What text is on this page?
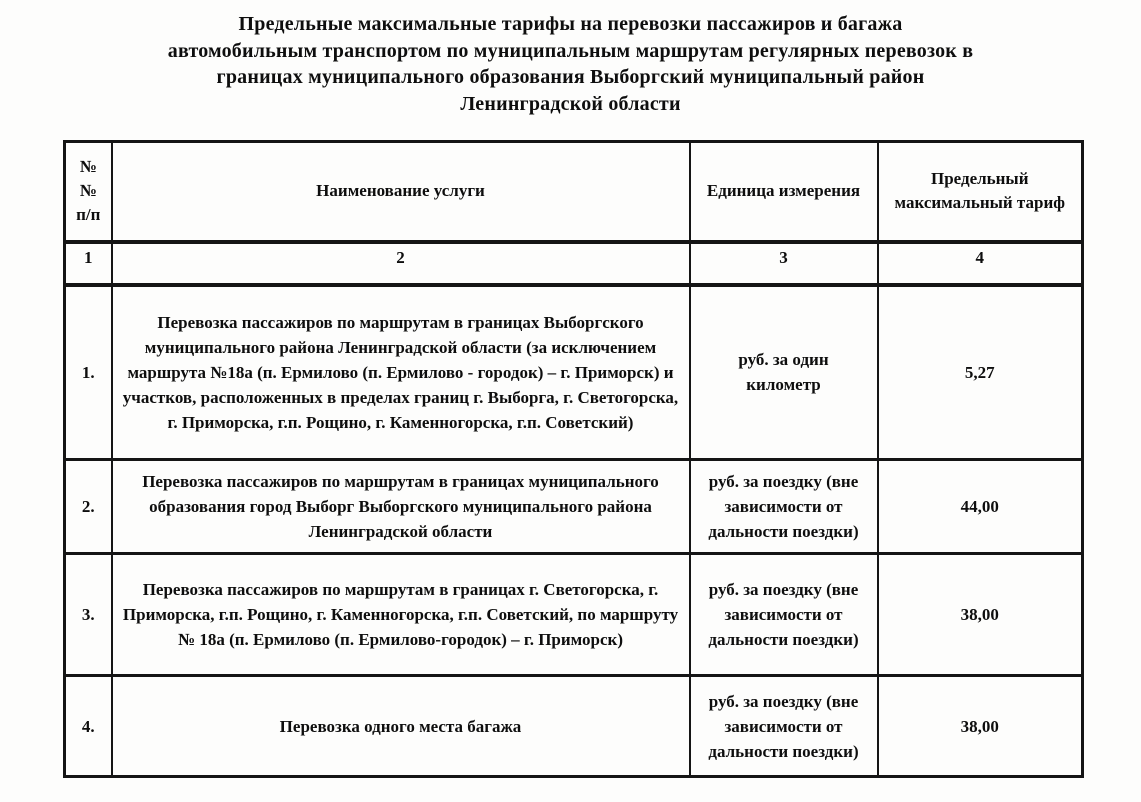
Предельные максимальные тарифы на перевозки пассажиров и багажа
автомобильным транспортом по муниципальным маршрутам регулярных перевозок в
границах муниципального образования Выборгский муниципальный район
Ленинградской области
№
№
п/п	Наименование услуги	Единица измерения	Предельный
максимальный тариф

1	2	3	4
1.	Перевозка пассажиров по маршрутам в границах Выборгского муниципального района Ленинградской области (за исключением маршрута №18а (п. Ермилово (п. Ермилово - городок) – г. Приморск) и участков, расположенных в пределах границ г. Выборга, г. Светогорска, г. Приморска, г.п. Рощино, г. Каменногорска, г.п. Советский)	руб. за один километр	5,27
2.	Перевозка пассажиров по маршрутам в границах муниципального образования город Выборг Выборгского муниципального района Ленинградской области	руб. за поездку (вне зависимости от дальности поездки)	44,00
3.	Перевозка пассажиров по маршрутам в границах г. Светогорска, г. Приморска, г.п. Рощино, г. Каменногорска, г.п. Советский, по маршруту № 18а (п. Ермилово (п. Ермилово-городок) – г. Приморск)	руб. за поездку (вне зависимости от дальности поездки)	38,00
4.	Перевозка одного места багажа	руб. за поездку (вне зависимости от дальности поездки)	38,00
